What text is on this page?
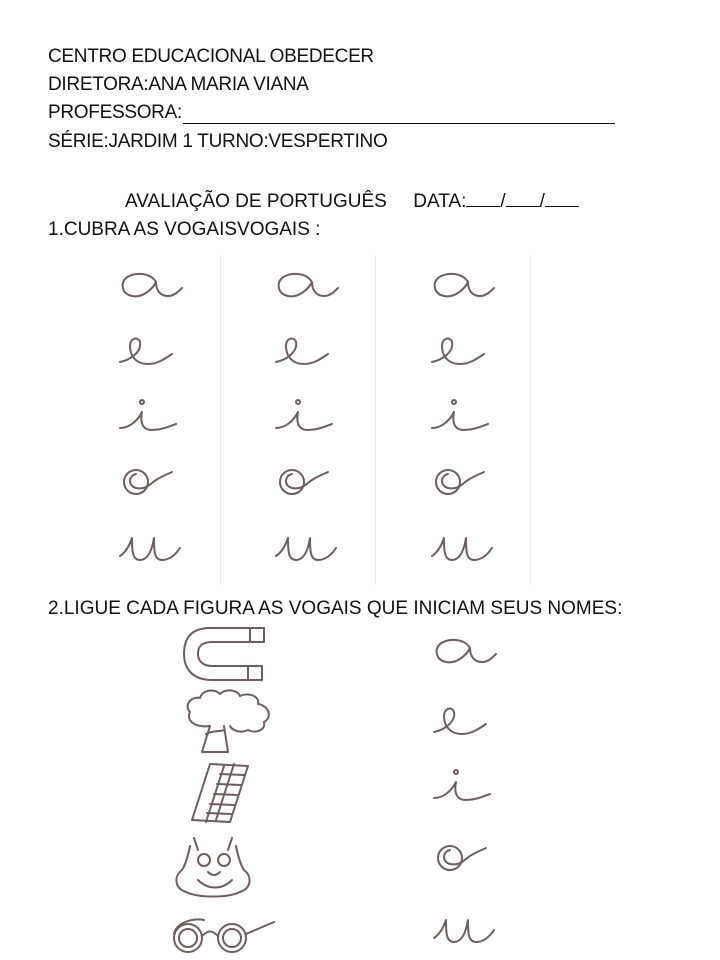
CENTRO EDUCACIONAL OBEDECER
DIRETORA:ANA MARIA VIANA
PROFESSORA:
SÉRIE:JARDIM 1 TURNO:VESPERTINO
AVALIAÇÃO DE PORTUGUÊS DATA: / /
1.CUBRA AS VOGAISVOGAIS :
2.LIGUE CADA FIGURA AS VOGAIS QUE INICIAM SEUS NOMES:
